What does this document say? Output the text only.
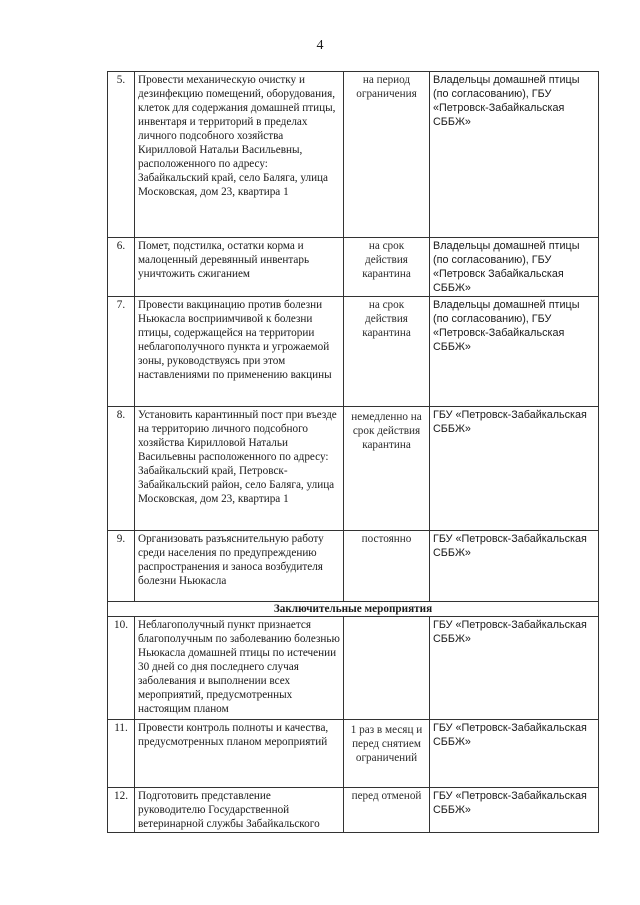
4
5.	Провести механическую очистку и дезинфекцию помещений, оборудования, клеток для содержания домашней птицы, инвентаря и территорий в пределах личного подсобного хозяйства Кирилловой Натальи Васильевны, расположенного по адресу: Забайкальский край, село Баляга, улица Московская, дом 23, квартира 1	на период ограничения	Владельцы домашней птицы (по согласованию), ГБУ «Петровск-Забайкальская СББЖ»
6.	Помет, подстилка, остатки корма и малоценный деревянный инвентарь уничтожить сжиганием	на срок действия карантина	Владельцы домашней птицы (по согласованию), ГБУ «Петровск Забайкальская СББЖ»
7.	Провести вакцинацию против болезни Ньюкасла восприимчивой к болезни птицы, содержащейся на территории неблагополучного пункта и угрожаемой зоны, руководствуясь при этом наставлениями по применению вакцины	на срок действия карантина	Владельцы домашней птицы (по согласованию), ГБУ «Петровск-Забайкальская СББЖ»
8.	Установить карантинный пост при въезде на территорию личного подсобного хозяйства Кирилловой Натальи Васильевны расположенного по адресу: Забайкальский край, Петровск-Забайкальский район, село Баляга, улица Московская, дом 23, квартира 1	немедленно на срок действия карантина	ГБУ «Петровск-Забайкальская СББЖ»
9.	Организовать разъяснительную работу среди населения по предупреждению распространения и заноса возбудителя болезни Ньюкасла	постоянно	ГБУ «Петровск-Забайкальская СББЖ»
Заключительные мероприятия			
10.	Неблагополучный пункт признается благополучным по заболеванию болезнью Ньюкасла домашней птицы по истечении 30 дней со дня последнего случая заболевания и выполнении всех мероприятий, предусмотренных настоящим планом		ГБУ «Петровск-Забайкальская СББЖ»
11.	Провести контроль полноты и качества, предусмотренных планом мероприятий	1 раз в месяц и перед снятием ограничений	ГБУ «Петровск-Забайкальская СББЖ»
12.	Подготовить представление руководителю Государственной ветеринарной службы Забайкальского	перед отменой	ГБУ «Петровск-Забайкальская СББЖ»
